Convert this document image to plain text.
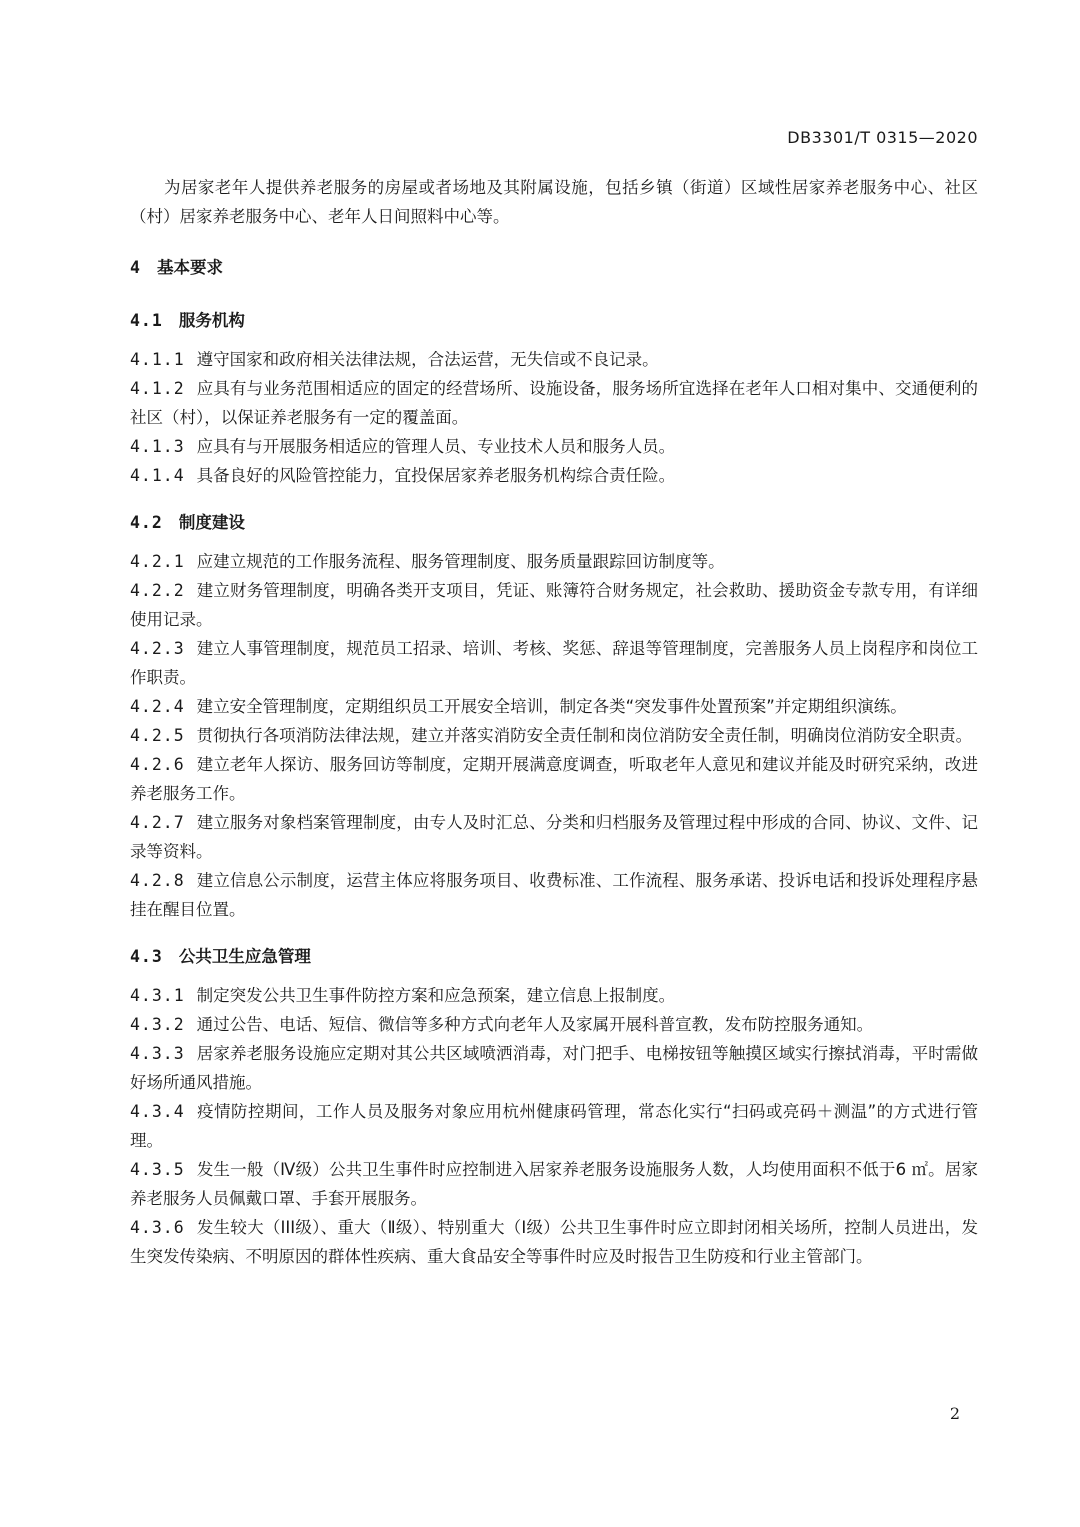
DB3301/T 0315—2020

为居家老年人提供养老服务的房屋或者场地及其附属设施，包括乡镇（街道）区域性居家养老服务中心、社区（村）居家养老服务中心、老年人日间照料中心等。

4 基本要求
4.1 服务机构

4.1.1 遵守国家和政府相关法律法规，合法运营，无失信或不良记录。

4.1.2 应具有与业务范围相适应的固定的经营场所、设施设备，服务场所宜选择在老年人口相对集中、交通便利的社区（村），以保证养老服务有一定的覆盖面。

4.1.3 应具有与开展服务相适应的管理人员、专业技术人员和服务人员。

4.1.4 具备良好的风险管控能力，宜投保居家养老服务机构综合责任险。

4.2 制度建设

4.2.1 应建立规范的工作服务流程、服务管理制度、服务质量跟踪回访制度等。

4.2.2 建立财务管理制度，明确各类开支项目，凭证、账簿符合财务规定，社会救助、援助资金专款专用，有详细使用记录。

4.2.3 建立人事管理制度，规范员工招录、培训、考核、奖惩、辞退等管理制度，完善服务人员上岗程序和岗位工作职责。

4.2.4 建立安全管理制度，定期组织员工开展安全培训，制定各类“突发事件处置预案”并定期组织演练。

4.2.5 贯彻执行各项消防法律法规，建立并落实消防安全责任制和岗位消防安全责任制，明确岗位消防安全职责。

4.2.6 建立老年人探访、服务回访等制度，定期开展满意度调查，听取老年人意见和建议并能及时研究采纳，改进养老服务工作。

4.2.7 建立服务对象档案管理制度，由专人及时汇总、分类和归档服务及管理过程中形成的合同、协议、文件、记录等资料。

4.2.8 建立信息公示制度，运营主体应将服务项目、收费标准、工作流程、服务承诺、投诉电话和投诉处理程序悬挂在醒目位置。

4.3 公共卫生应急管理

4.3.1 制定突发公共卫生事件防控方案和应急预案，建立信息上报制度。

4.3.2 通过公告、电话、短信、微信等多种方式向老年人及家属开展科普宣教，发布防控服务通知。

4.3.3 居家养老服务设施应定期对其公共区域喷洒消毒，对门把手、电梯按钮等触摸区域实行擦拭消毒，平时需做好场所通风措施。

4.3.4 疫情防控期间，工作人员及服务对象应用杭州健康码管理，常态化实行“扫码或亮码＋测温”的方式进行管理。

4.3.5 发生一般（Ⅳ级）公共卫生事件时应控制进入居家养老服务设施服务人数，人均使用面积不低于6 ㎡。居家养老服务人员佩戴口罩、手套开展服务。

4.3.6 发生较大（III级）、重大（Ⅱ级）、特别重大（Ⅰ级）公共卫生事件时应立即封闭相关场所，控制人员进出，发生突发传染病、不明原因的群体性疾病、重大食品安全等事件时应及时报告卫生防疫和行业主管部门。

2
